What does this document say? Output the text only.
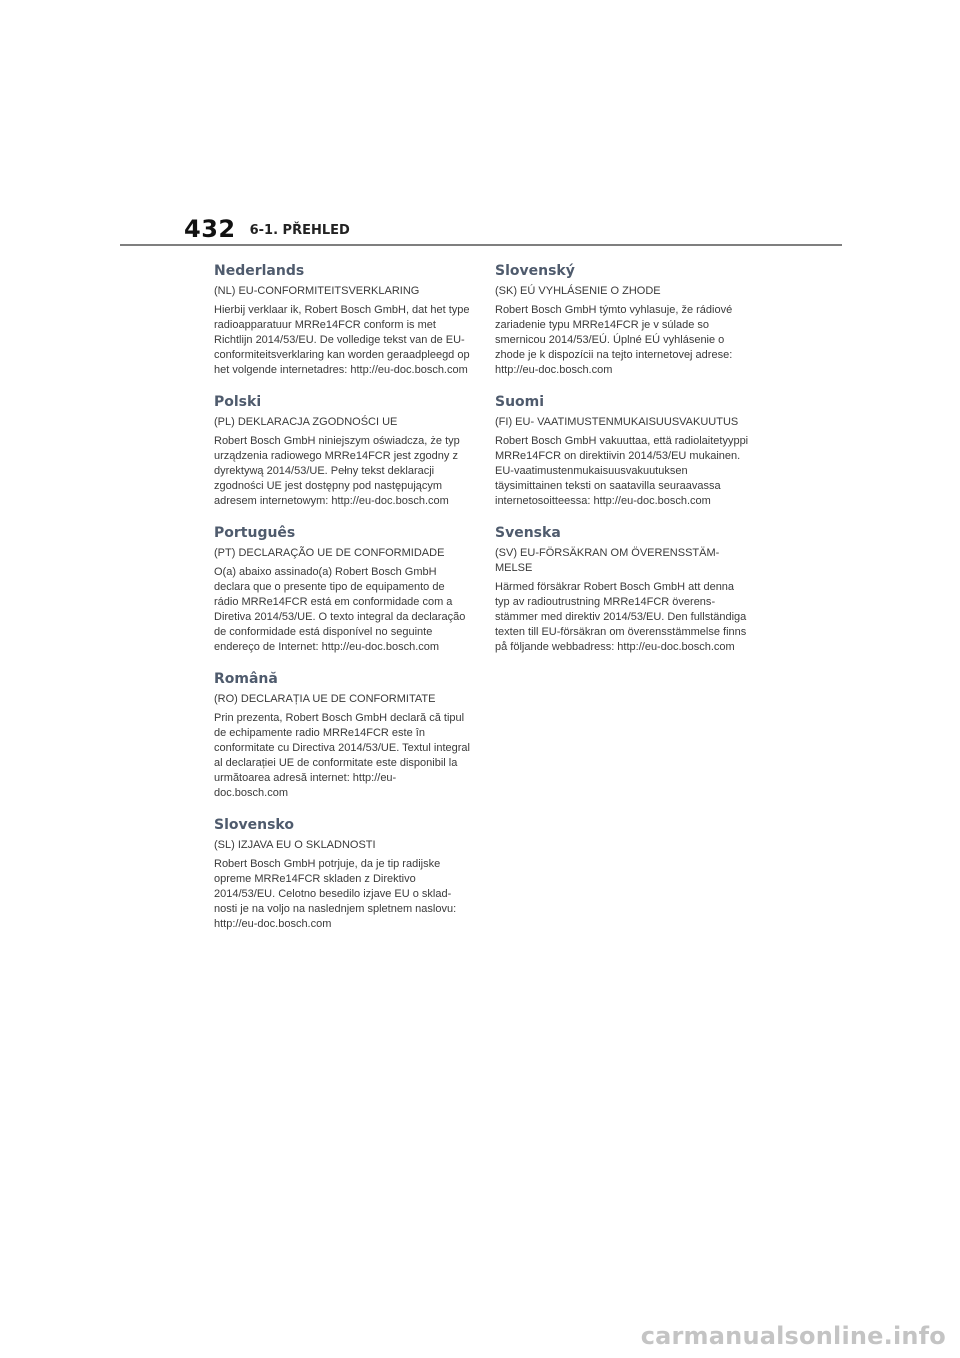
432 6-1. PŘEHLED
Nederlands

(NL) EU-CONFORMITEITSVERKLARING

Hierbij verklaar ik, Robert Bosch GmbH, dat het type radioapparatuur MRRe14FCR conform is met Richtlijn 2014/53/EU. De volledige tekst van de EU-conformiteitsverklaring kan worden geraadpleegd op het volgende internetadres: http://eu-doc.bosch.com

Polski

(PL) DEKLARACJA ZGODNOŚCI UE

Robert Bosch GmbH niniejszym oświadcza, że typ urządzenia radiowego MRRe14FCR jest zgodny z dyrektywą 2014/53/UE. Pełny tekst deklaracji zgodności UE jest dostępny pod następującym adresem internetowym: http://eu-doc.bosch.com

Português

(PT) DECLARAÇÃO UE DE CONFORMIDADE

O(a) abaixo assinado(a) Robert Bosch GmbH declara que o presente tipo de equipamento de rádio MRRe14FCR está em conformidade com a Diretiva 2014/53/UE. O texto integral da declaração de conformidade está disponível no seguinte endereço de Internet: http://eu-doc.bosch.com

Română

(RO) DECLARAȚIA UE DE CONFORMITATE

Prin prezenta, Robert Bosch GmbH declară că tipul de echipamente radio MRRe14FCR este în conformitate cu Directiva 2014/53/UE. Textul integral al declarației UE de conformitate este disponibil la următoarea adresă internet: http://eu-doc.bosch.com

Slovensko

(SL) IZJAVA EU O SKLADNOSTI

Robert Bosch GmbH potrjuje, da je tip radijske opreme MRRe14FCR skladen z Direktivo 2014/53/EU. Celotno besedilo izjave EU o skladnosti je na voljo na naslednjem spletnem naslovu: http://eu-doc.bosch.com

Slovenský

(SK) EÚ VYHLÁSENIE O ZHODE

Robert Bosch GmbH týmto vyhlasuje, že rádiové zariadenie typu MRRe14FCR je v súlade so smernicou 2014/53/EÚ. Úplné EÚ vyhlásenie o zhode je k dispozícii na tejto internetovej adrese: http://eu-doc.bosch.com

Suomi

(FI) EU- VAATIMUSTENMUKAISUUSVAKUUTUS

Robert Bosch GmbH vakuuttaa, että radiolaitetyyppi MRRe14FCR on direktiivin 2014/53/EU mukainen. EU-vaatimustenmukaisuusvakuutuksen täysimittainen teksti on saatavilla seuraavassa internetosoitteessa: http://eu-doc.bosch.com

Svenska

(SV) EU-FÖRSÄKRAN OM ÖVERENSSTÄMMELSE

Härmed försäkrar Robert Bosch GmbH att denna typ av radioutrustning MRRe14FCR överensstämmer med direktiv 2014/53/EU. Den fullständiga texten till EU-försäkran om överensstämmelse finns på följande webbadress: http://eu-doc.bosch.com

carmanualsonline.info
